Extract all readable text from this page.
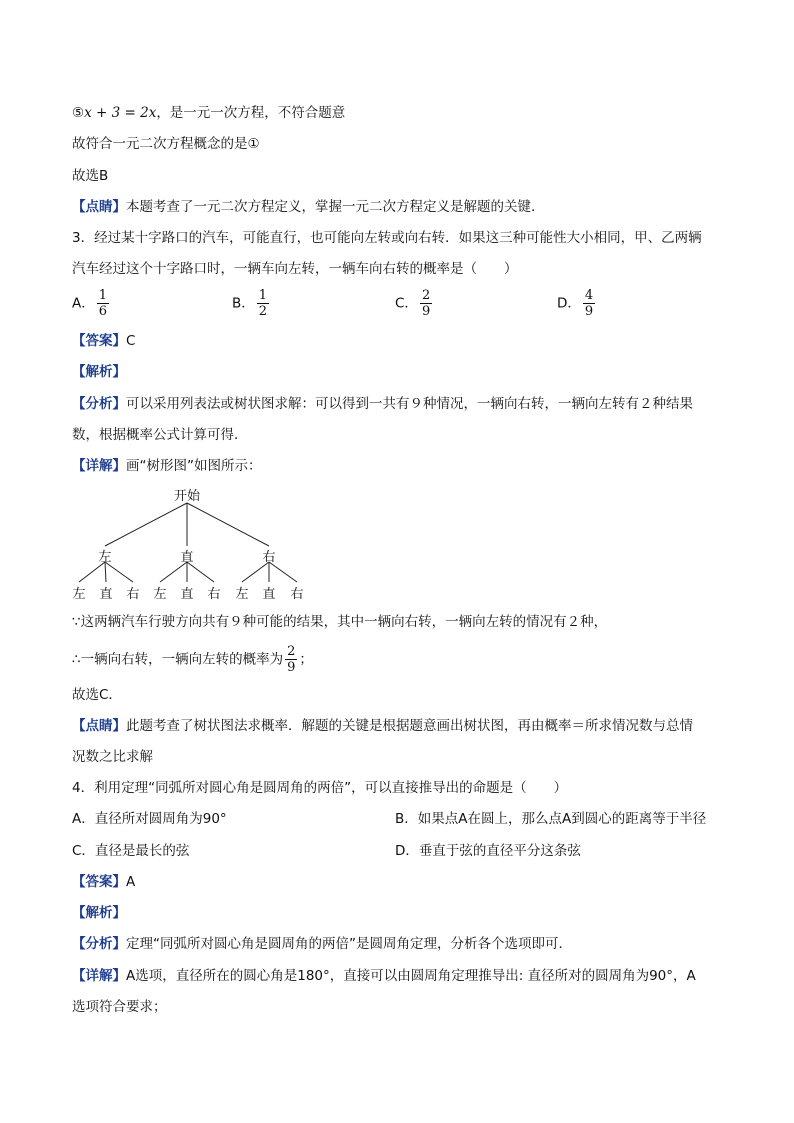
⑤x + 3 = 2x，是一元一次方程，不符合题意
故符合一元二次方程概念的是①
故选B
【点睛】本题考查了一元二次方程定义，掌握一元二次方程定义是解题的关键．
3．经过某十字路口的汽车，可能直行，也可能向左转或向右转．如果这三种可能性大小相同，甲、乙两辆
汽车经过这个十字路口时，一辆车向左转，一辆车向右转的概率是（　　）
A． $\frac{1}{6}$	B． $\frac{1}{2}$	C． $\frac{2}{9}$	D． $\frac{4}{9}$
【答案】C
【解析】
【分析】可以采用列表法或树状图求解：可以得到一共有９种情况，一辆向右转，一辆向左转有２种结果
数，根据概率公式计算可得．
【详解】画“树形图”如图所示：
开始
左	直	右
左 直 右 左 直 右 左 直 右
∵这两辆汽车行驶方向共有９种可能的结果，其中一辆向右转，一辆向左转的情况有２种，
∴一辆向右转，一辆向左转的概率为 $\frac{2}{9}$ ；
故选C．
【点睛】此题考查了树状图法求概率．解题的关键是根据题意画出树状图，再由概率＝所求情况数与总情
况数之比求解
4．利用定理“同弧所对圆心角是圆周角的两倍”，可以直接推导出的命题是（　　）
A．直径所对圆周角为90°	B．如果点A在圆上，那么点A到圆心的距离等于半径
C．直径是最长的弦	D．垂直于弦的直径平分这条弦
【答案】A
【解析】
【分析】定理“同弧所对圆心角是圆周角的两倍”是圆周角定理，分析各个选项即可．
【详解】A选项，直径所在的圆心角是180°，直接可以由圆周角定理推导出: 直径所对的圆周角为90°，A
选项符合要求；
